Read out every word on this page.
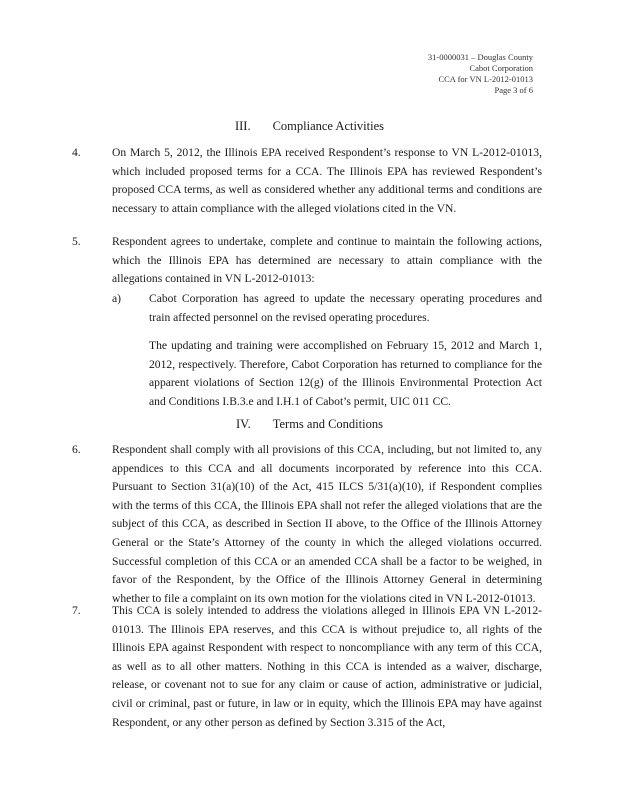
31-0000031 – Douglas County
Cabot Corporation
CCA for VN L-2012-01013
Page 3 of 6
III. Compliance Activities
4.	On March 5, 2012, the Illinois EPA received Respondent’s response to VN L-2012-01013, which included proposed terms for a CCA. The Illinois EPA has reviewed Respondent’s proposed CCA terms, as well as considered whether any additional terms and conditions are necessary to attain compliance with the alleged violations cited in the VN.
5.	Respondent agrees to undertake, complete and continue to maintain the following actions, which the Illinois EPA has determined are necessary to attain compliance with the allegations contained in VN L-2012-01013:
a) Cabot Corporation has agreed to update the necessary operating procedures and train affected personnel on the revised operating procedures.
The updating and training were accomplished on February 15, 2012 and March 1, 2012, respectively. Therefore, Cabot Corporation has returned to compliance for the apparent violations of Section 12(g) of the Illinois Environmental Protection Act and Conditions I.B.3.e and I.H.1 of Cabot’s permit, UIC 011 CC.
IV. Terms and Conditions
6.	Respondent shall comply with all provisions of this CCA, including, but not limited to, any appendices to this CCA and all documents incorporated by reference into this CCA. Pursuant to Section 31(a)(10) of the Act, 415 ILCS 5/31(a)(10), if Respondent complies with the terms of this CCA, the Illinois EPA shall not refer the alleged violations that are the subject of this CCA, as described in Section II above, to the Office of the Illinois Attorney General or the State’s Attorney of the county in which the alleged violations occurred. Successful completion of this CCA or an amended CCA shall be a factor to be weighed, in favor of the Respondent, by the Office of the Illinois Attorney General in determining whether to file a complaint on its own motion for the violations cited in VN L-2012-01013.
7.	This CCA is solely intended to address the violations alleged in Illinois EPA VN L-2012-01013. The Illinois EPA reserves, and this CCA is without prejudice to, all rights of the Illinois EPA against Respondent with respect to noncompliance with any term of this CCA, as well as to all other matters. Nothing in this CCA is intended as a waiver, discharge, release, or covenant not to sue for any claim or cause of action, administrative or judicial, civil or criminal, past or future, in law or in equity, which the Illinois EPA may have against Respondent, or any other person as defined by Section 3.315 of the Act,
